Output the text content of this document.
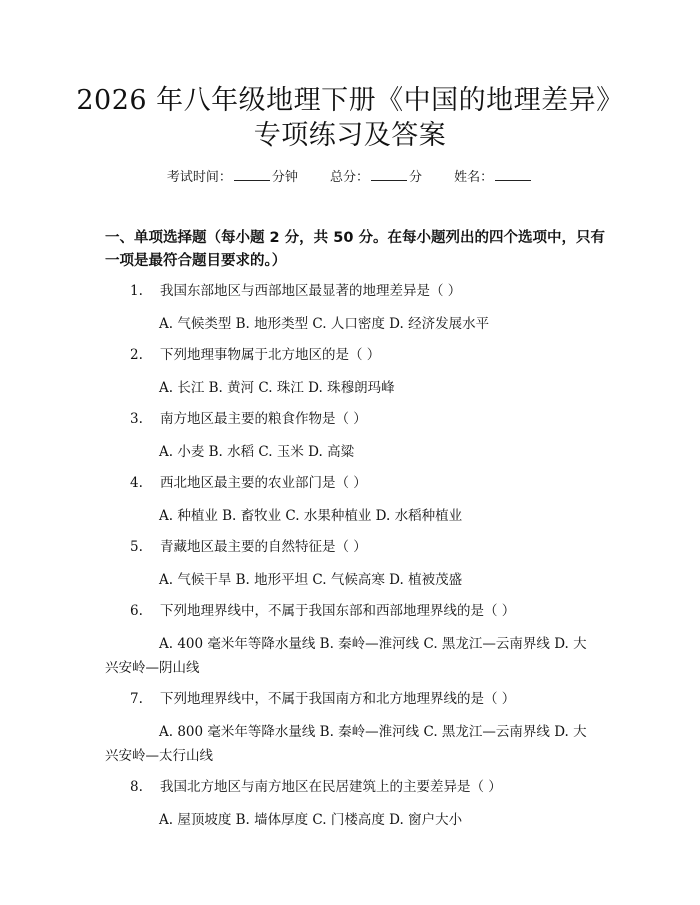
2026 年八年级地理下册《中国的地理差异》
专项练习及答案
考试时间：	分钟 总分：	分 姓名：
一、单项选择题（每小题 2 分，共 50 分。在每小题列出的四个选项中，只有一项是最符合题目要求的。）
1. 我国东部地区与西部地区最显著的地理差异是（ ）
A. 气候类型 B. 地形类型 C. 人口密度 D. 经济发展水平
2. 下列地理事物属于北方地区的是（ ）
A. 长江 B. 黄河 C. 珠江 D. 珠穆朗玛峰
3. 南方地区最主要的粮食作物是（ ）
A. 小麦 B. 水稻 C. 玉米 D. 高粱
4. 西北地区最主要的农业部门是（ ）
A. 种植业 B. 畜牧业 C. 水果种植业 D. 水稻种植业
5. 青藏地区最主要的自然特征是（ ）
A. 气候干旱 B. 地形平坦 C. 气候高寒 D. 植被茂盛
6. 下列地理界线中，不属于我国东部和西部地理界线的是（ ）
A. 400 毫米年等降水量线 B. 秦岭—淮河线 C. 黑龙江—云南界线 D. 大兴安岭—阴山线
7. 下列地理界线中，不属于我国南方和北方地理界线的是（ ）
A. 800 毫米年等降水量线 B. 秦岭—淮河线 C. 黑龙江—云南界线 D. 大兴安岭—太行山线
8. 我国北方地区与南方地区在民居建筑上的主要差异是（ ）
A. 屋顶坡度 B. 墙体厚度 C. 门楼高度 D. 窗户大小
